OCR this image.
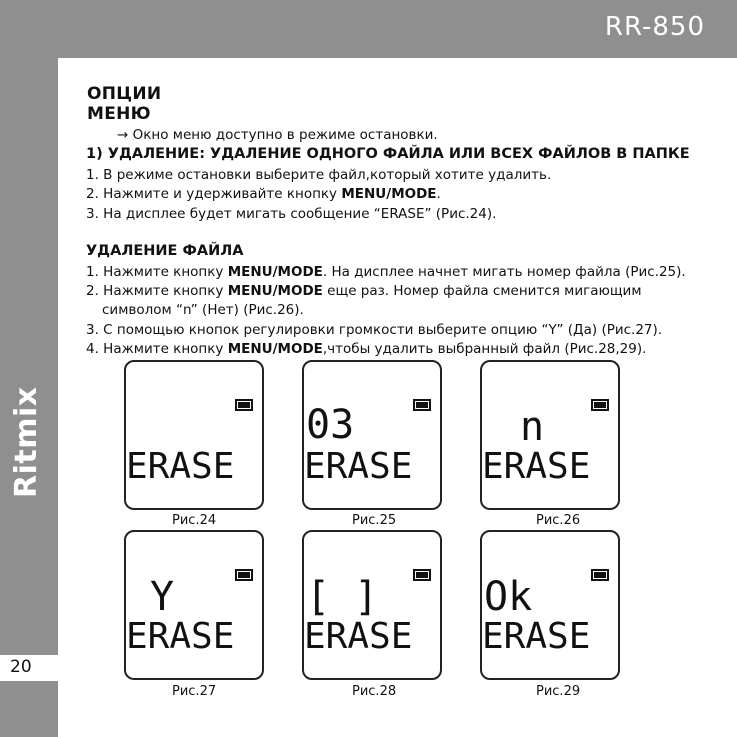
RR-850
Ritmix
20
ОПЦИИ МЕНЮ
→ Окно меню доступно в режиме остановки.
1) УДАЛЕНИЕ: УДАЛЕНИЕ ОДНОГО ФАЙЛА ИЛИ ВСЕХ ФАЙЛОВ В ПАПКЕ
1. В режиме остановки выберите файл,который хотите удалить.
2. Нажмите и удерживайте кнопку MENU/MODE.
3. На дисплее будет мигать сообщение “ERASE” (Рис.24).
УДАЛЕНИЕ ФАЙЛА
1. Нажмите кнопку MENU/MODE. На дисплее начнет мигать номер файла (Рис.25).
2. Нажмите кнопку MENU/MODE еще раз. Номер файла сменится мигающим
символом “n” (Нет) (Рис.26).
3. С помощью кнопок регулировки громкости выберите опцию “Y” (Да) (Рис.27).
4. Нажмите кнопку MENU/MODE,чтобы удалить выбранный файл (Рис.28,29).
ERASE
Рис.24
03
ERASE
Рис.25
n
ERASE
Рис.26
Y
ERASE
Рис.27
[ ]
ERASE
Рис.28
Ok
ERASE
Рис.29
